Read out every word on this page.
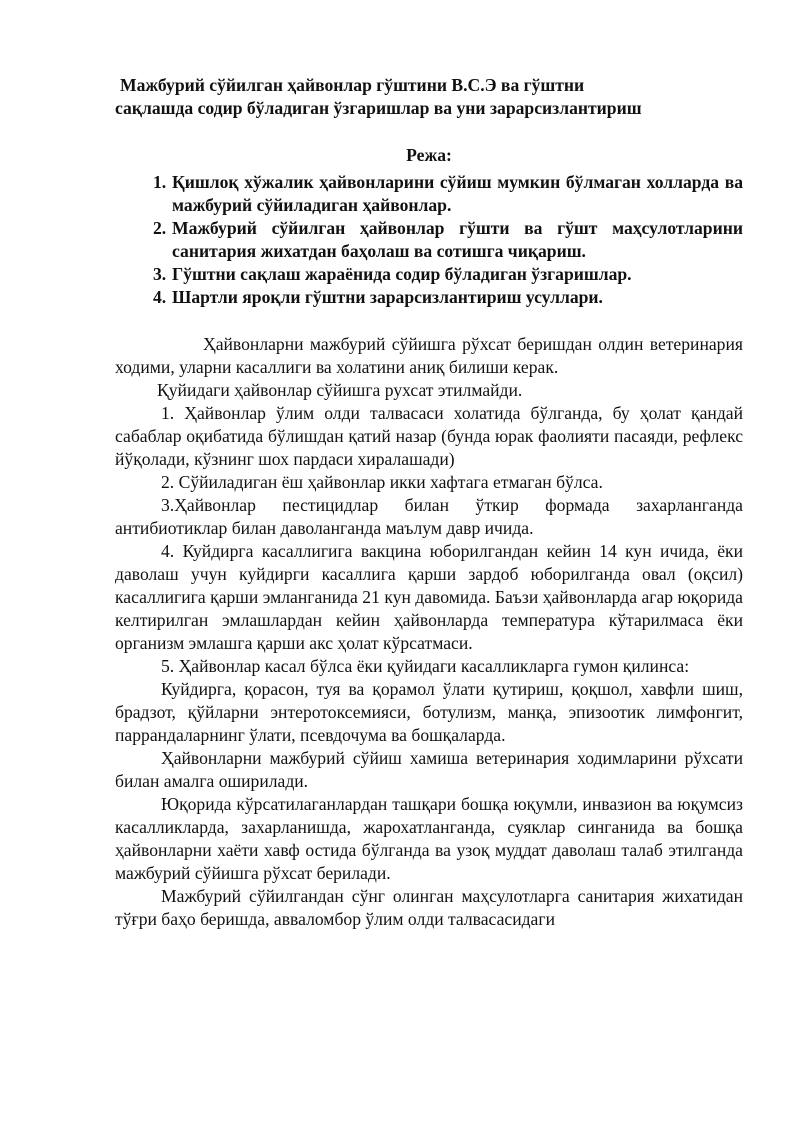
Мажбурий сўйилган ҳайвонлар гўштини В.С.Э ва гўштни
сақлашда содир бўладиган ўзгаришлар ва уни зарарсизлантириш
Режа:
1. Қишлоқ хўжалик ҳайвонларини сўйиш мумкин бўлмаган холларда ва мажбурий сўйиладиган ҳайвонлар.
2. Мажбурий сўйилган ҳайвонлар гўшти ва гўшт маҳсулотларини санитария жихатдан баҳолаш ва сотишга чиқариш.
3. Гўштни сақлаш жараёнида содир бўладиган ўзгаришлар.
4. Шартли яроқли гўштни зарарсизлантириш усуллари.

Ҳайвонларни мажбурий сўйишга рўхсат беришдан олдин ветеринария ходими, уларни касаллиги ва холатини аниқ билиши керак.

Қуйидаги ҳайвонлар сўйишга рухсат этилмайди.

1. Ҳайвонлар ўлим олди талвасаси холатида бўлганда, бу ҳолат қандай сабаблар оқибатида бўлишдан қатий назар (бунда юрак фаолияти пасаяди, рефлекс йўқолади, кўзнинг шох пардаси хиралашади)

2. Сўйиладиган ёш ҳайвонлар икки хафтага етмаган бўлса.

3.Ҳайвонлар пестицидлар билан ўткир формада захарланганда антибиотиклар билан даволанганда маълум давр ичида.

4. Куйдирга касаллигига вакцина юборилгандан кейин 14 кун ичида, ёки даволаш учун куйдирги касаллига қарши зардоб юборилганда овал (оқсил) касаллигига қарши эмланганида 21 кун давомида. Баъзи ҳайвонларда агар юқорида келтирилган эмлашлардан кейин ҳайвонларда температура кўтарилмаса ёки организм эмлашга қарши акс ҳолат кўрсатмаси.

5. Ҳайвонлар касал бўлса ёки қуйидаги касалликларга гумон қилинса:

Куйдирга, қорасон, туя ва қорамол ўлати қутириш, қоқшол, хавфли шиш, брадзот, қўйларни энтеротоксемияси, ботулизм, манқа, эпизоотик лимфонгит, паррандаларнинг ўлати, псевдочума ва бошқаларда.

Ҳайвонларни мажбурий сўйиш хамиша ветеринария ходимларини рўхсати билан амалга оширилади.

Юқорида кўрсатилаганлардан ташқари бошқа юқумли, инвазион ва юқумсиз касалликларда, захарланишда, жарохатланганда, суяклар синганида ва бошқа ҳайвонларни хаёти хавф остида бўлганда ва узоқ муддат даволаш талаб этилганда мажбурий сўйишга рўхсат берилади.

Мажбурий сўйилгандан сўнг олинган маҳсулотларга санитария жихатидан тўғри баҳо беришда, авваломбор ўлим олди талвасасидаги
